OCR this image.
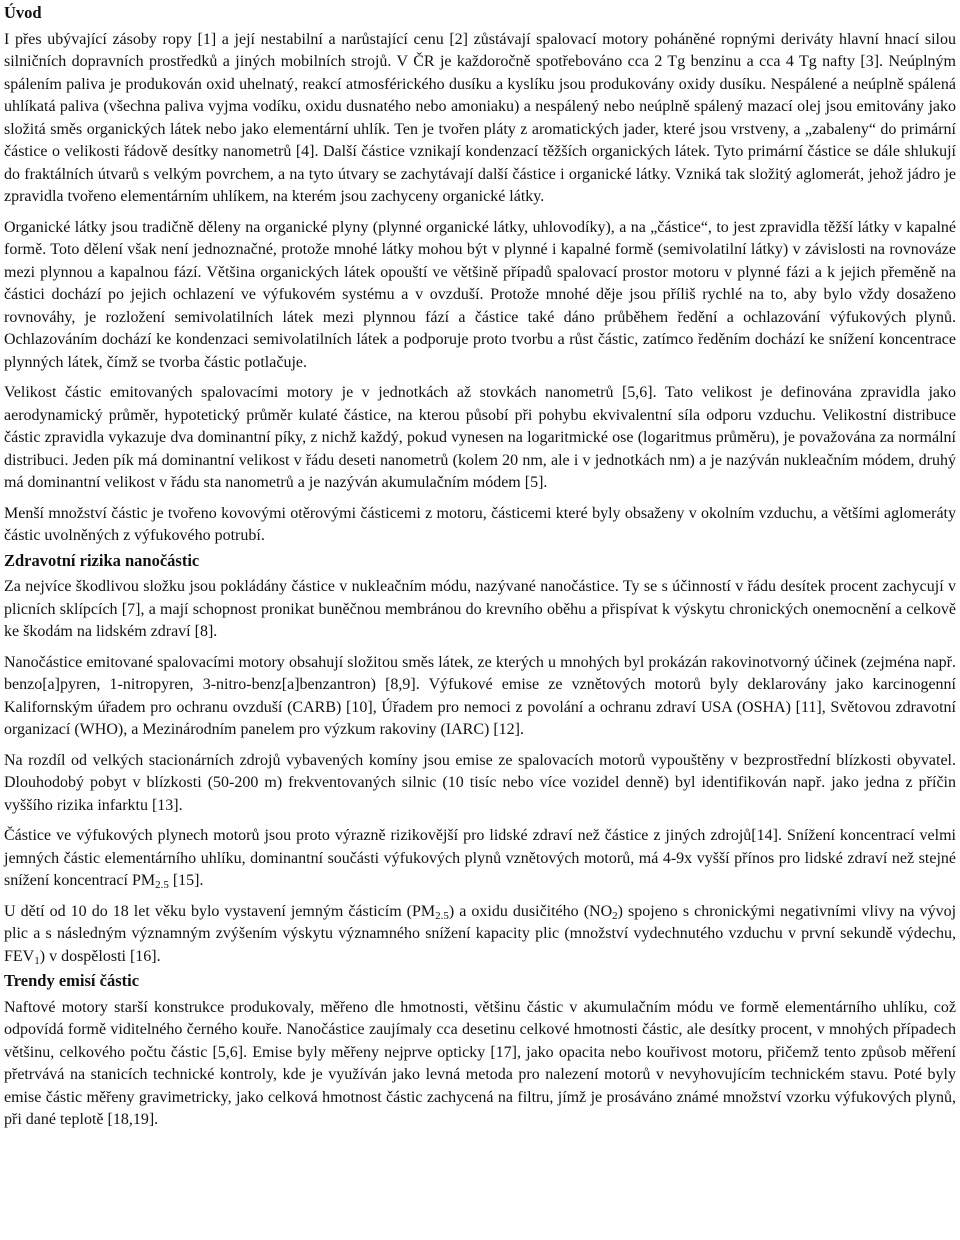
Úvod

I přes ubývající zásoby ropy [1] a její nestabilní a narůstající cenu [2] zůstávají spalovací motory poháněné ropnými deriváty hlavní hnací silou silničních dopravních prostředků a jiných mobilních strojů. V ČR je každoročně spotřebováno cca 2 Tg benzinu a cca 4 Tg nafty [3]. Neúplným spálením paliva je produkován oxid uhelnatý, reakcí atmosférického dusíku a kyslíku jsou produkovány oxidy dusíku. Nespálené a neúplně spálená uhlíkatá paliva (všechna paliva vyjma vodíku, oxidu dusnatého nebo amoniaku) a nespálený nebo neúplně spálený mazací olej jsou emitovány jako složitá směs organických látek nebo jako elementární uhlík. Ten je tvořen pláty z aromatických jader, které jsou vrstveny, a „zabaleny“ do primární částice o velikosti řádově desítky nanometrů [4]. Další částice vznikají kondenzací těžších organických látek. Tyto primární částice se dále shlukují do fraktálních útvarů s velkým povrchem, a na tyto útvary se zachytávají další částice i organické látky. Vzniká tak složitý aglomerát, jehož jádro je zpravidla tvořeno elementárním uhlíkem, na kterém jsou zachyceny organické látky.

Organické látky jsou tradičně děleny na organické plyny (plynné organické látky, uhlovodíky), a na „částice“, to jest zpravidla těžší látky v kapalné formě. Toto dělení však není jednoznačné, protože mnohé látky mohou být v plynné i kapalné formě (semivolatilní látky) v závislosti na rovnováze mezi plynnou a kapalnou fází. Většina organických látek opouští ve většině případů spalovací prostor motoru v plynné fázi a k jejich přeměně na částici dochází po jejich ochlazení ve výfukovém systému a v ovzduší. Protože mnohé děje jsou příliš rychlé na to, aby bylo vždy dosaženo rovnováhy, je rozložení semivolatilních látek mezi plynnou fází a částice také dáno průběhem ředění a ochlazování výfukových plynů. Ochlazováním dochází ke kondenzaci semivolatilních látek a podporuje proto tvorbu a růst částic, zatímco ředěním dochází ke snížení koncentrace plynných látek, čímž se tvorba částic potlačuje.

Velikost částic emitovaných spalovacími motory je v jednotkách až stovkách nanometrů [5,6]. Tato velikost je definována zpravidla jako aerodynamický průměr, hypotetický průměr kulaté částice, na kterou působí při pohybu ekvivalentní síla odporu vzduchu. Velikostní distribuce částic zpravidla vykazuje dva dominantní píky, z nichž každý, pokud vynesen na logaritmické ose (logaritmus průměru), je považována za normální distribuci. Jeden pík má dominantní velikost v řádu deseti nanometrů (kolem 20 nm, ale i v jednotkách nm) a je nazýván nukleačním módem, druhý má dominantní velikost v řádu sta nanometrů a je nazýván akumulačním módem [5].

Menší množství částic je tvořeno kovovými otěrovými částicemi z motoru, částicemi které byly obsaženy v okolním vzduchu, a většími aglomeráty částic uvolněných z výfukového potrubí.

Zdravotní rizika nanočástic

Za nejvíce škodlivou složku jsou pokládány částice v nukleačním módu, nazývané nanočástice. Ty se s účinností v řádu desítek procent zachycují v plicních sklípcích [7], a mají schopnost pronikat buněčnou membránou do krevního oběhu a přispívat k výskytu chronických onemocnění a celkově ke škodám na lidském zdraví [8].

Nanočástice emitované spalovacími motory obsahují složitou směs látek, ze kterých u mnohých byl prokázán rakovinotvorný účinek (zejména např. benzo[a]pyren, 1-nitropyren, 3-nitro-benz[a]benzantron) [8,9]. Výfukové emise ze vznětových motorů byly deklarovány jako karcinogenní Kalifornským úřadem pro ochranu ovzduší (CARB) [10], Úřadem pro nemoci z povolání a ochranu zdraví USA (OSHA) [11], Světovou zdravotní organizací (WHO), a Mezinárodním panelem pro výzkum rakoviny (IARC) [12].

Na rozdíl od velkých stacionárních zdrojů vybavených komíny jsou emise ze spalovacích motorů vypouštěny v bezprostřední blízkosti obyvatel. Dlouhodobý pobyt v blízkosti (50-200 m) frekventovaných silnic (10 tisíc nebo více vozidel denně) byl identifikován např. jako jedna z příčin vyššího rizika infarktu [13].

Částice ve výfukových plynech motorů jsou proto výrazně rizikovější pro lidské zdraví než částice z jiných zdrojů[14]. Snížení koncentrací velmi jemných částic elementárního uhlíku, dominantní součásti výfukových plynů vznětových motorů, má 4-9x vyšší přínos pro lidské zdraví než stejné snížení koncentrací $PM_{2.5}$ [15].

U dětí od 10 do 18 let věku bylo vystavení jemným částicím $(PM_{2.5})$ a oxidu dusičitého $(NO_2)$ spojeno s chronickými negativními vlivy na vývoj plic a s následným významným zvýšením výskytu významného snížení kapacity plic (množství vydechnutého vzduchu v první sekundě výdechu, $FEV_1$) v dospělosti [16].

Trendy emisí částic

Naftové motory starší konstrukce produkovaly, měřeno dle hmotnosti, většinu částic v akumulačním módu ve formě elementárního uhlíku, což odpovídá formě viditelného černého kouře. Nanočástice zaujímaly cca desetinu celkové hmotnosti částic, ale desítky procent, v mnohých případech většinu, celkového počtu částic [5,6]. Emise byly měřeny nejprve opticky [17], jako opacita nebo kouřivost motoru, přičemž tento způsob měření přetrvává na stanicích technické kontroly, kde je využíván jako levná metoda pro nalezení motorů v nevyhovujícím technickém stavu. Poté byly emise částic měřeny gravimetricky, jako celková hmotnost částic zachycená na filtru, jímž je prosáváno známé množství vzorku výfukových plynů, při dané teplotě [18,19].
